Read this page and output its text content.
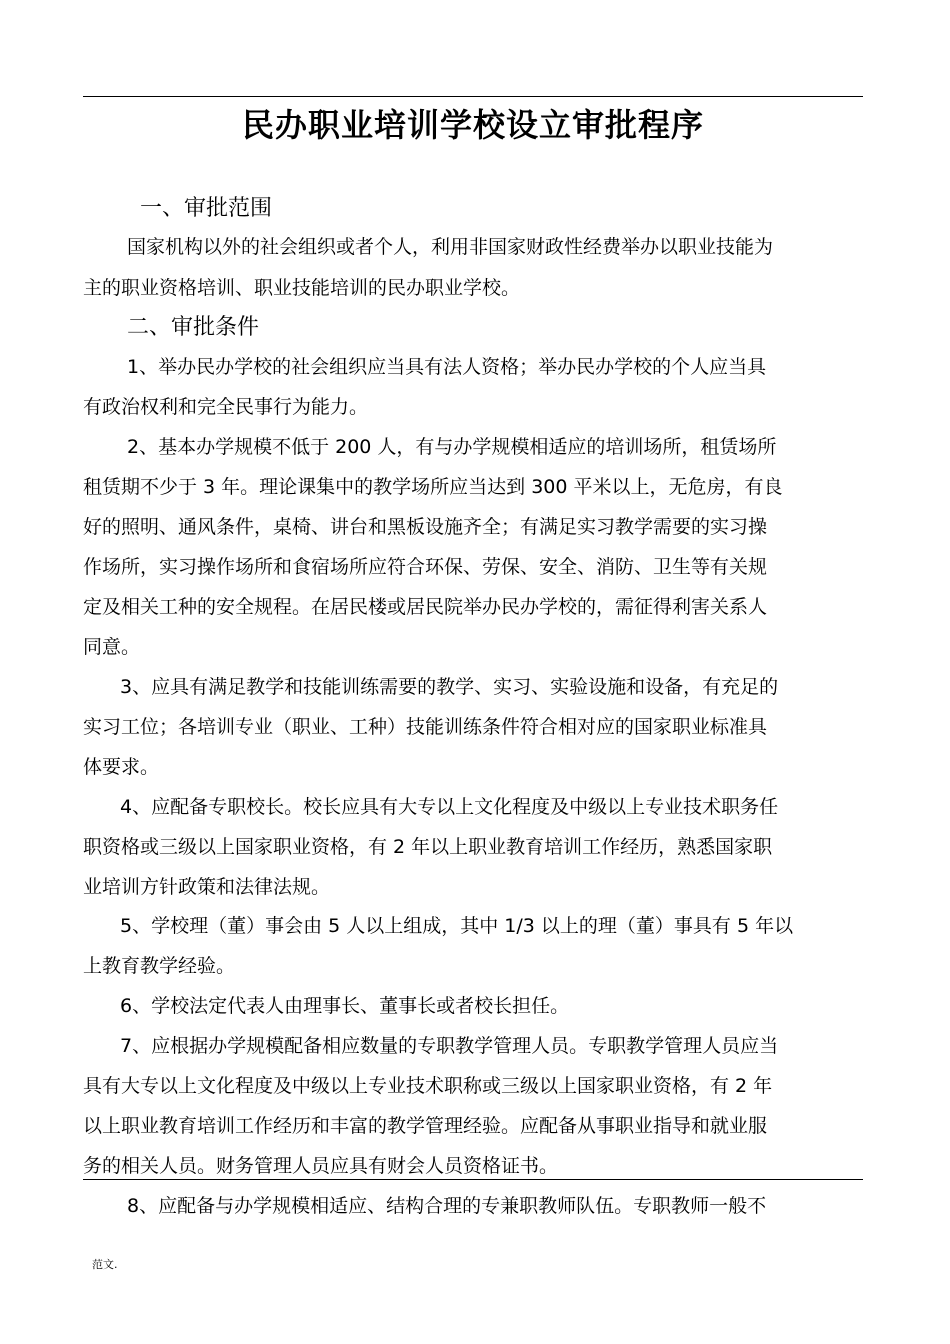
民办职业培训学校设立审批程序
一、审批范围
国家机构以外的社会组织或者个人，利用非国家财政性经费举办以职业技能为
主的职业资格培训、职业技能培训的民办职业学校。
二、审批条件
1、举办民办学校的社会组织应当具有法人资格；举办民办学校的个人应当具
有政治权利和完全民事行为能力。
2、基本办学规模不低于 200 人，有与办学规模相适应的培训场所，租赁场所
租赁期不少于 3 年。理论课集中的教学场所应当达到 300 平米以上，无危房，有良
好的照明、通风条件，桌椅、讲台和黑板设施齐全；有满足实习教学需要的实习操
作场所，实习操作场所和食宿场所应符合环保、劳保、安全、消防、卫生等有关规
定及相关工种的安全规程。在居民楼或居民院举办民办学校的，需征得利害关系人
同意。
3、应具有满足教学和技能训练需要的教学、实习、实验设施和设备，有充足的
实习工位；各培训专业（职业、工种）技能训练条件符合相对应的国家职业标准具
体要求。
4、应配备专职校长。校长应具有大专以上文化程度及中级以上专业技术职务任
职资格或三级以上国家职业资格，有 2 年以上职业教育培训工作经历，熟悉国家职
业培训方针政策和法律法规。
5、学校理（董）事会由 5 人以上组成，其中 1/3 以上的理（董）事具有 5 年以
上教育教学经验。
6、学校法定代表人由理事长、董事长或者校长担任。
7、应根据办学规模配备相应数量的专职教学管理人员。专职教学管理人员应当
具有大专以上文化程度及中级以上专业技术职称或三级以上国家职业资格，有 2 年
以上职业教育培训工作经历和丰富的教学管理经验。应配备从事职业指导和就业服
务的相关人员。财务管理人员应具有财会人员资格证书。
8、应配备与办学规模相适应、结构合理的专兼职教师队伍。专职教师一般不
范文.
